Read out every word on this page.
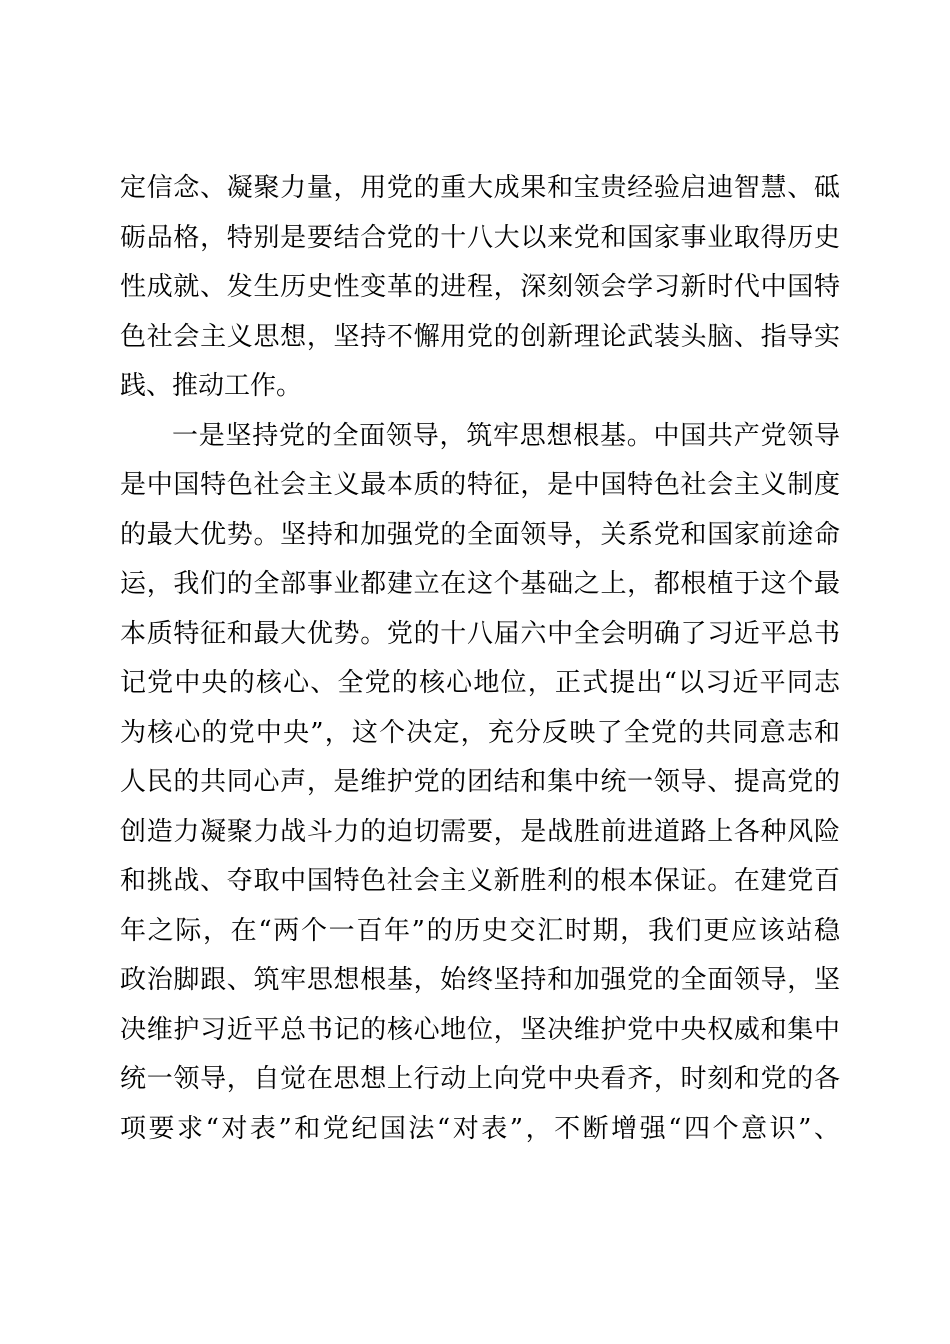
定信念、凝聚力量，用党的重大成果和宝贵经验启迪智慧、砥
砺品格，特别是要结合党的十八大以来党和国家事业取得历史
性成就、发生历史性变革的进程，深刻领会学习新时代中国特
色社会主义思想，坚持不懈用党的创新理论武装头脑、指导实
践、推动工作。
一是坚持党的全面领导，筑牢思想根基。中国共产党领导
是中国特色社会主义最本质的特征，是中国特色社会主义制度
的最大优势。坚持和加强党的全面领导，关系党和国家前途命
运，我们的全部事业都建立在这个基础之上，都根植于这个最
本质特征和最大优势。党的十八届六中全会明确了习近平总书
记党中央的核心、全党的核心地位，正式提出“以习近平同志
为核心的党中央”，这个决定，充分反映了全党的共同意志和
人民的共同心声，是维护党的团结和集中统一领导、提高党的
创造力凝聚力战斗力的迫切需要，是战胜前进道路上各种风险
和挑战、夺取中国特色社会主义新胜利的根本保证。在建党百
年之际，在“两个一百年”的历史交汇时期，我们更应该站稳
政治脚跟、筑牢思想根基，始终坚持和加强党的全面领导，坚
决维护习近平总书记的核心地位，坚决维护党中央权威和集中
统一领导，自觉在思想上行动上向党中央看齐，时刻和党的各
项要求“对表”和党纪国法“对表”，不断增强“四个意识”、
